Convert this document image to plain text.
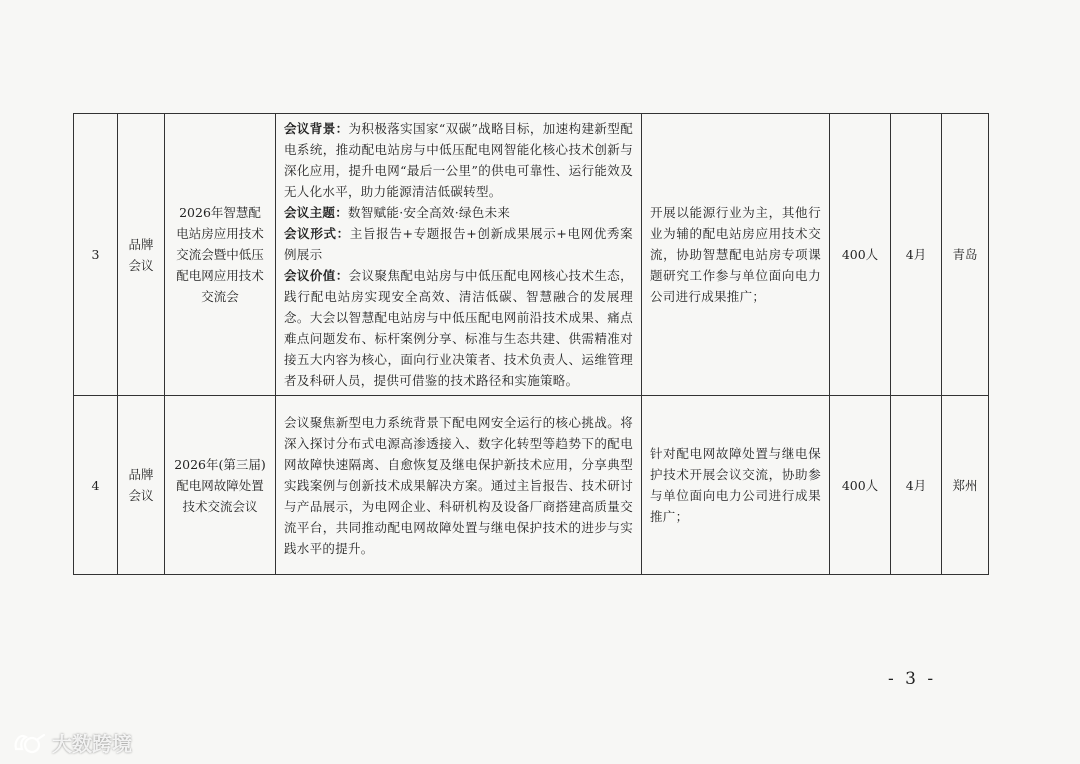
3	品牌会议	2026年智慧配电站房应用技术交流会暨中低压配电网应用技术交流会	会议背景：为积极落实国家“双碳”战略目标，加速构建新型配电系统，推动配电站房与中低压配电网智能化核心技术创新与深化应用，提升电网“最后一公里”的供电可靠性、运行能效及无人化水平，助力能源清洁低碳转型。
会议主题：数智赋能·安全高效·绿色未来
会议形式：主旨报告+专题报告+创新成果展示+电网优秀案例展示
会议价值：会议聚焦配电站房与中低压配电网核心技术生态，践行配电站房实现安全高效、清洁低碳、智慧融合的发展理念。大会以智慧配电站房与中低压配电网前沿技术成果、痛点难点问题发布、标杆案例分享、标准与生态共建、供需精准对接五大内容为核心，面向行业决策者、技术负责人、运维管理者及科研人员，提供可借鉴的技术路径和实施策略。	开展以能源行业为主，其他行业为辅的配电站房应用技术交流，协助智慧配电站房专项课题研究工作参与单位面向电力公司进行成果推广；	400人	4月	青岛
4	品牌会议	2026年(第三届)配电网故障处置技术交流会议	会议聚焦新型电力系统背景下配电网安全运行的核心挑战。将深入探讨分布式电源高渗透接入、数字化转型等趋势下的配电网故障快速隔离、自愈恢复及继电保护新技术应用，分享典型实践案例与创新技术成果解决方案。通过主旨报告、技术研讨与产品展示，为电网企业、科研机构及设备厂商搭建高质量交流平台，共同推动配电网故障处置与继电保护技术的进步与实践水平的提升。	针对配电网故障处置与继电保护技术开展会议交流，协助参与单位面向电力公司进行成果推广；	400人	4月	郑州
- 3 -
大数跨境
